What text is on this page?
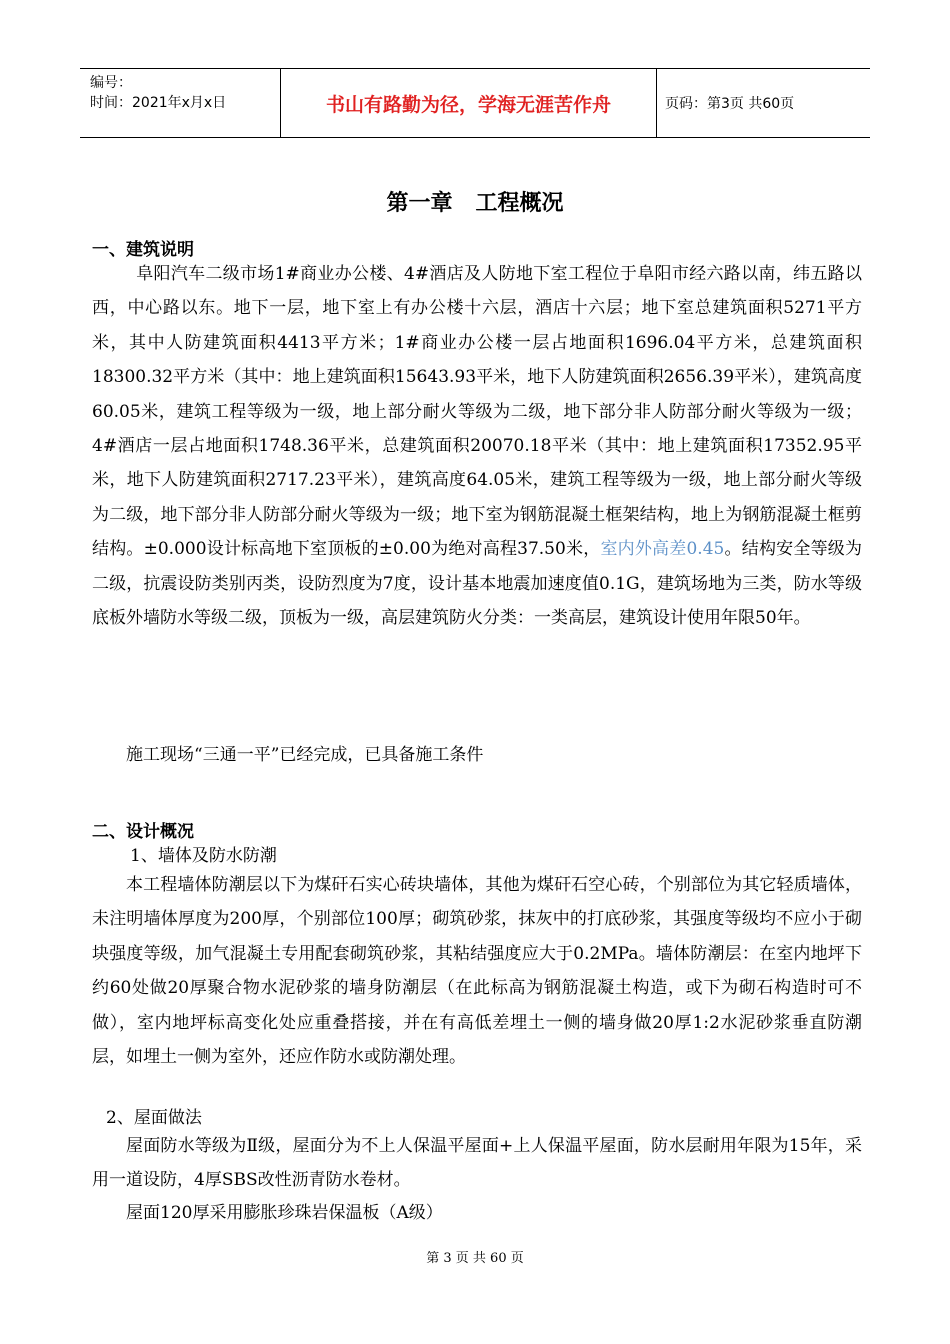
编号：
时间：2021年x月x日	书山有路勤为径，学海无涯苦作舟	页码：第3页 共60页
第一章   工程概况
一、建筑说明

阜阳汽车二级市场1#商业办公楼、4#酒店及人防地下室工程位于阜阳市经六路以南，纬五路以西，中心路以东。地下一层，地下室上有办公楼十六层，酒店十六层；地下室总建筑面积5271平方米，其中人防建筑面积4413平方米；1#商业办公楼一层占地面积1696.04平方米，总建筑面积18300.32平方米（其中：地上建筑面积15643.93平米，地下人防建筑面积2656.39平米），建筑高度60.05米，建筑工程等级为一级，地上部分耐火等级为二级，地下部分非人防部分耐火等级为一级；4#酒店一层占地面积1748.36平米，总建筑面积20070.18平米（其中：地上建筑面积17352.95平米，地下人防建筑面积2717.23平米），建筑高度64.05米，建筑工程等级为一级，地上部分耐火等级为二级，地下部分非人防部分耐火等级为一级；地下室为钢筋混凝土框架结构，地上为钢筋混凝土框剪结构。±0.000设计标高地下室顶板的±0.00为绝对高程37.50米，室内外高差0.45。结构安全等级为二级，抗震设防类别丙类，设防烈度为7度，设计基本地震加速度值0.1G，建筑场地为三类，防水等级底板外墙防水等级二级，顶板为一级，高层建筑防火分类：一类高层，建筑设计使用年限50年。

施工现场“三通一平”已经完成，已具备施工条件

二、设计概况
1、墙体及防水防潮

本工程墙体防潮层以下为煤矸石实心砖块墙体，其他为煤矸石空心砖，个别部位为其它轻质墙体，未注明墙体厚度为200厚，个别部位100厚；砌筑砂浆，抹灰中的打底砂浆，其强度等级均不应小于砌块强度等级，加气混凝土专用配套砌筑砂浆，其粘结强度应大于0.2MPa。墙体防潮层：在室内地坪下约60处做20厚聚合物水泥砂浆的墙身防潮层（在此标高为钢筋混凝土构造，或下为砌石构造时可不做），室内地坪标高变化处应重叠搭接，并在有高低差埋土一侧的墙身做20厚1:2水泥砂浆垂直防潮层，如埋土一侧为室外，还应作防水或防潮处理。

2、屋面做法

屋面防水等级为Ⅱ级，屋面分为不上人保温平屋面+上人保温平屋面，防水层耐用年限为15年，采用一道设防，4厚SBS改性沥青防水卷材。

屋面120厚采用膨胀珍珠岩保温板（A级）

第 3 页 共 60 页
